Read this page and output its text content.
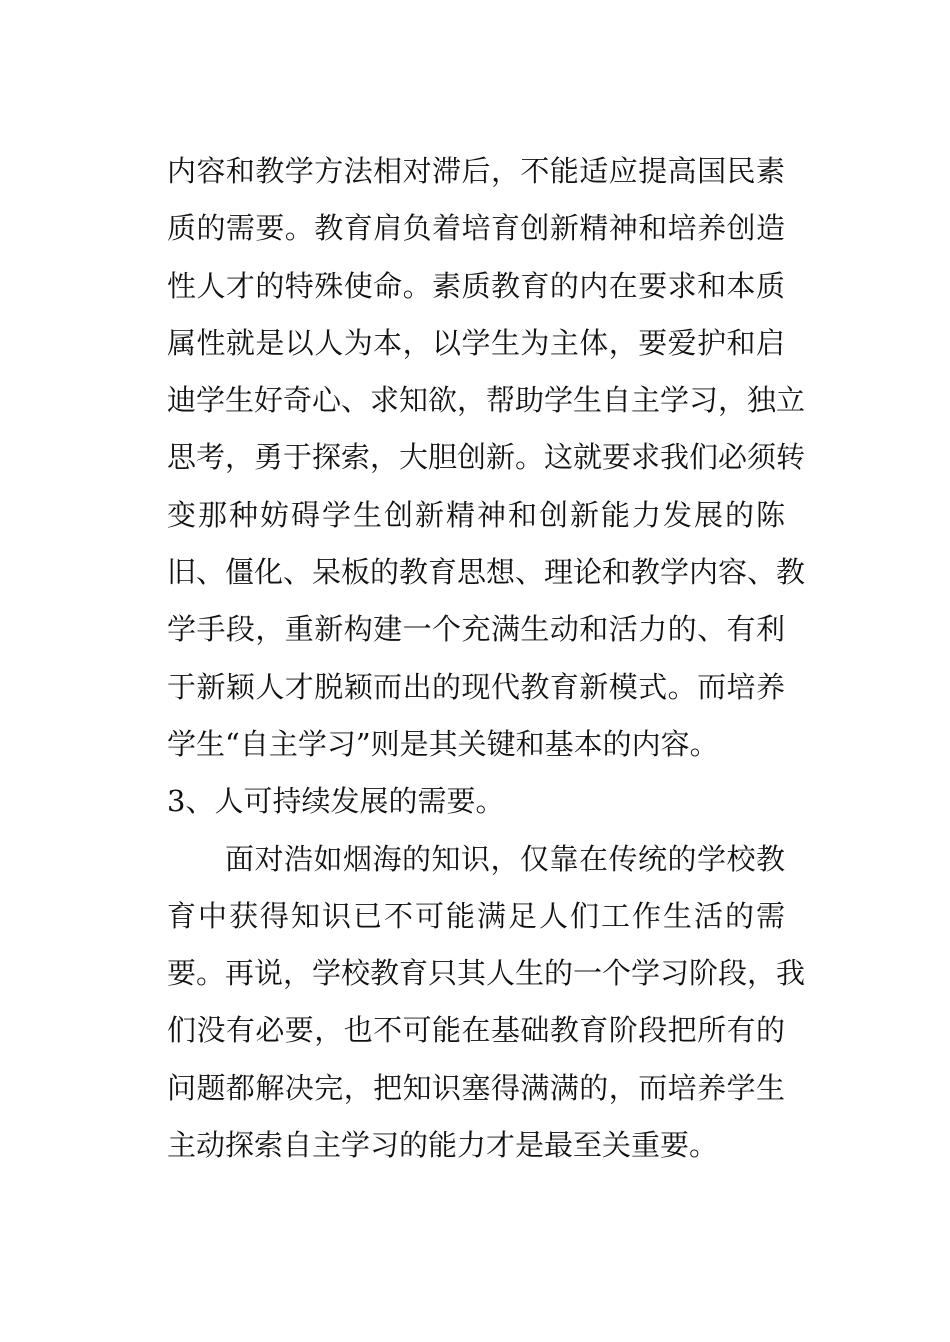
内容和教学方法相对滞后，不能适应提高国民素
质的需要。教育肩负着培育创新精神和培养创造
性人才的特殊使命。素质教育的内在要求和本质
属性就是以人为本，以学生为主体，要爱护和启
迪学生好奇心、求知欲，帮助学生自主学习，独立
思考，勇于探索，大胆创新。这就要求我们必须转
变那种妨碍学生创新精神和创新能力发展的陈
旧、僵化、呆板的教育思想、理论和教学内容、教
学手段，重新构建一个充满生动和活力的、有利
于新颖人才脱颖而出的现代教育新模式。而培养
学生“自主学习”则是其关键和基本的内容。
3、人可持续发展的需要。
面对浩如烟海的知识，仅靠在传统的学校教
育中获得知识已不可能满足人们工作生活的需
要。再说，学校教育只其人生的一个学习阶段，我
们没有必要，也不可能在基础教育阶段把所有的
问题都解决完，把知识塞得满满的，而培养学生
主动探索自主学习的能力才是最至关重要。
